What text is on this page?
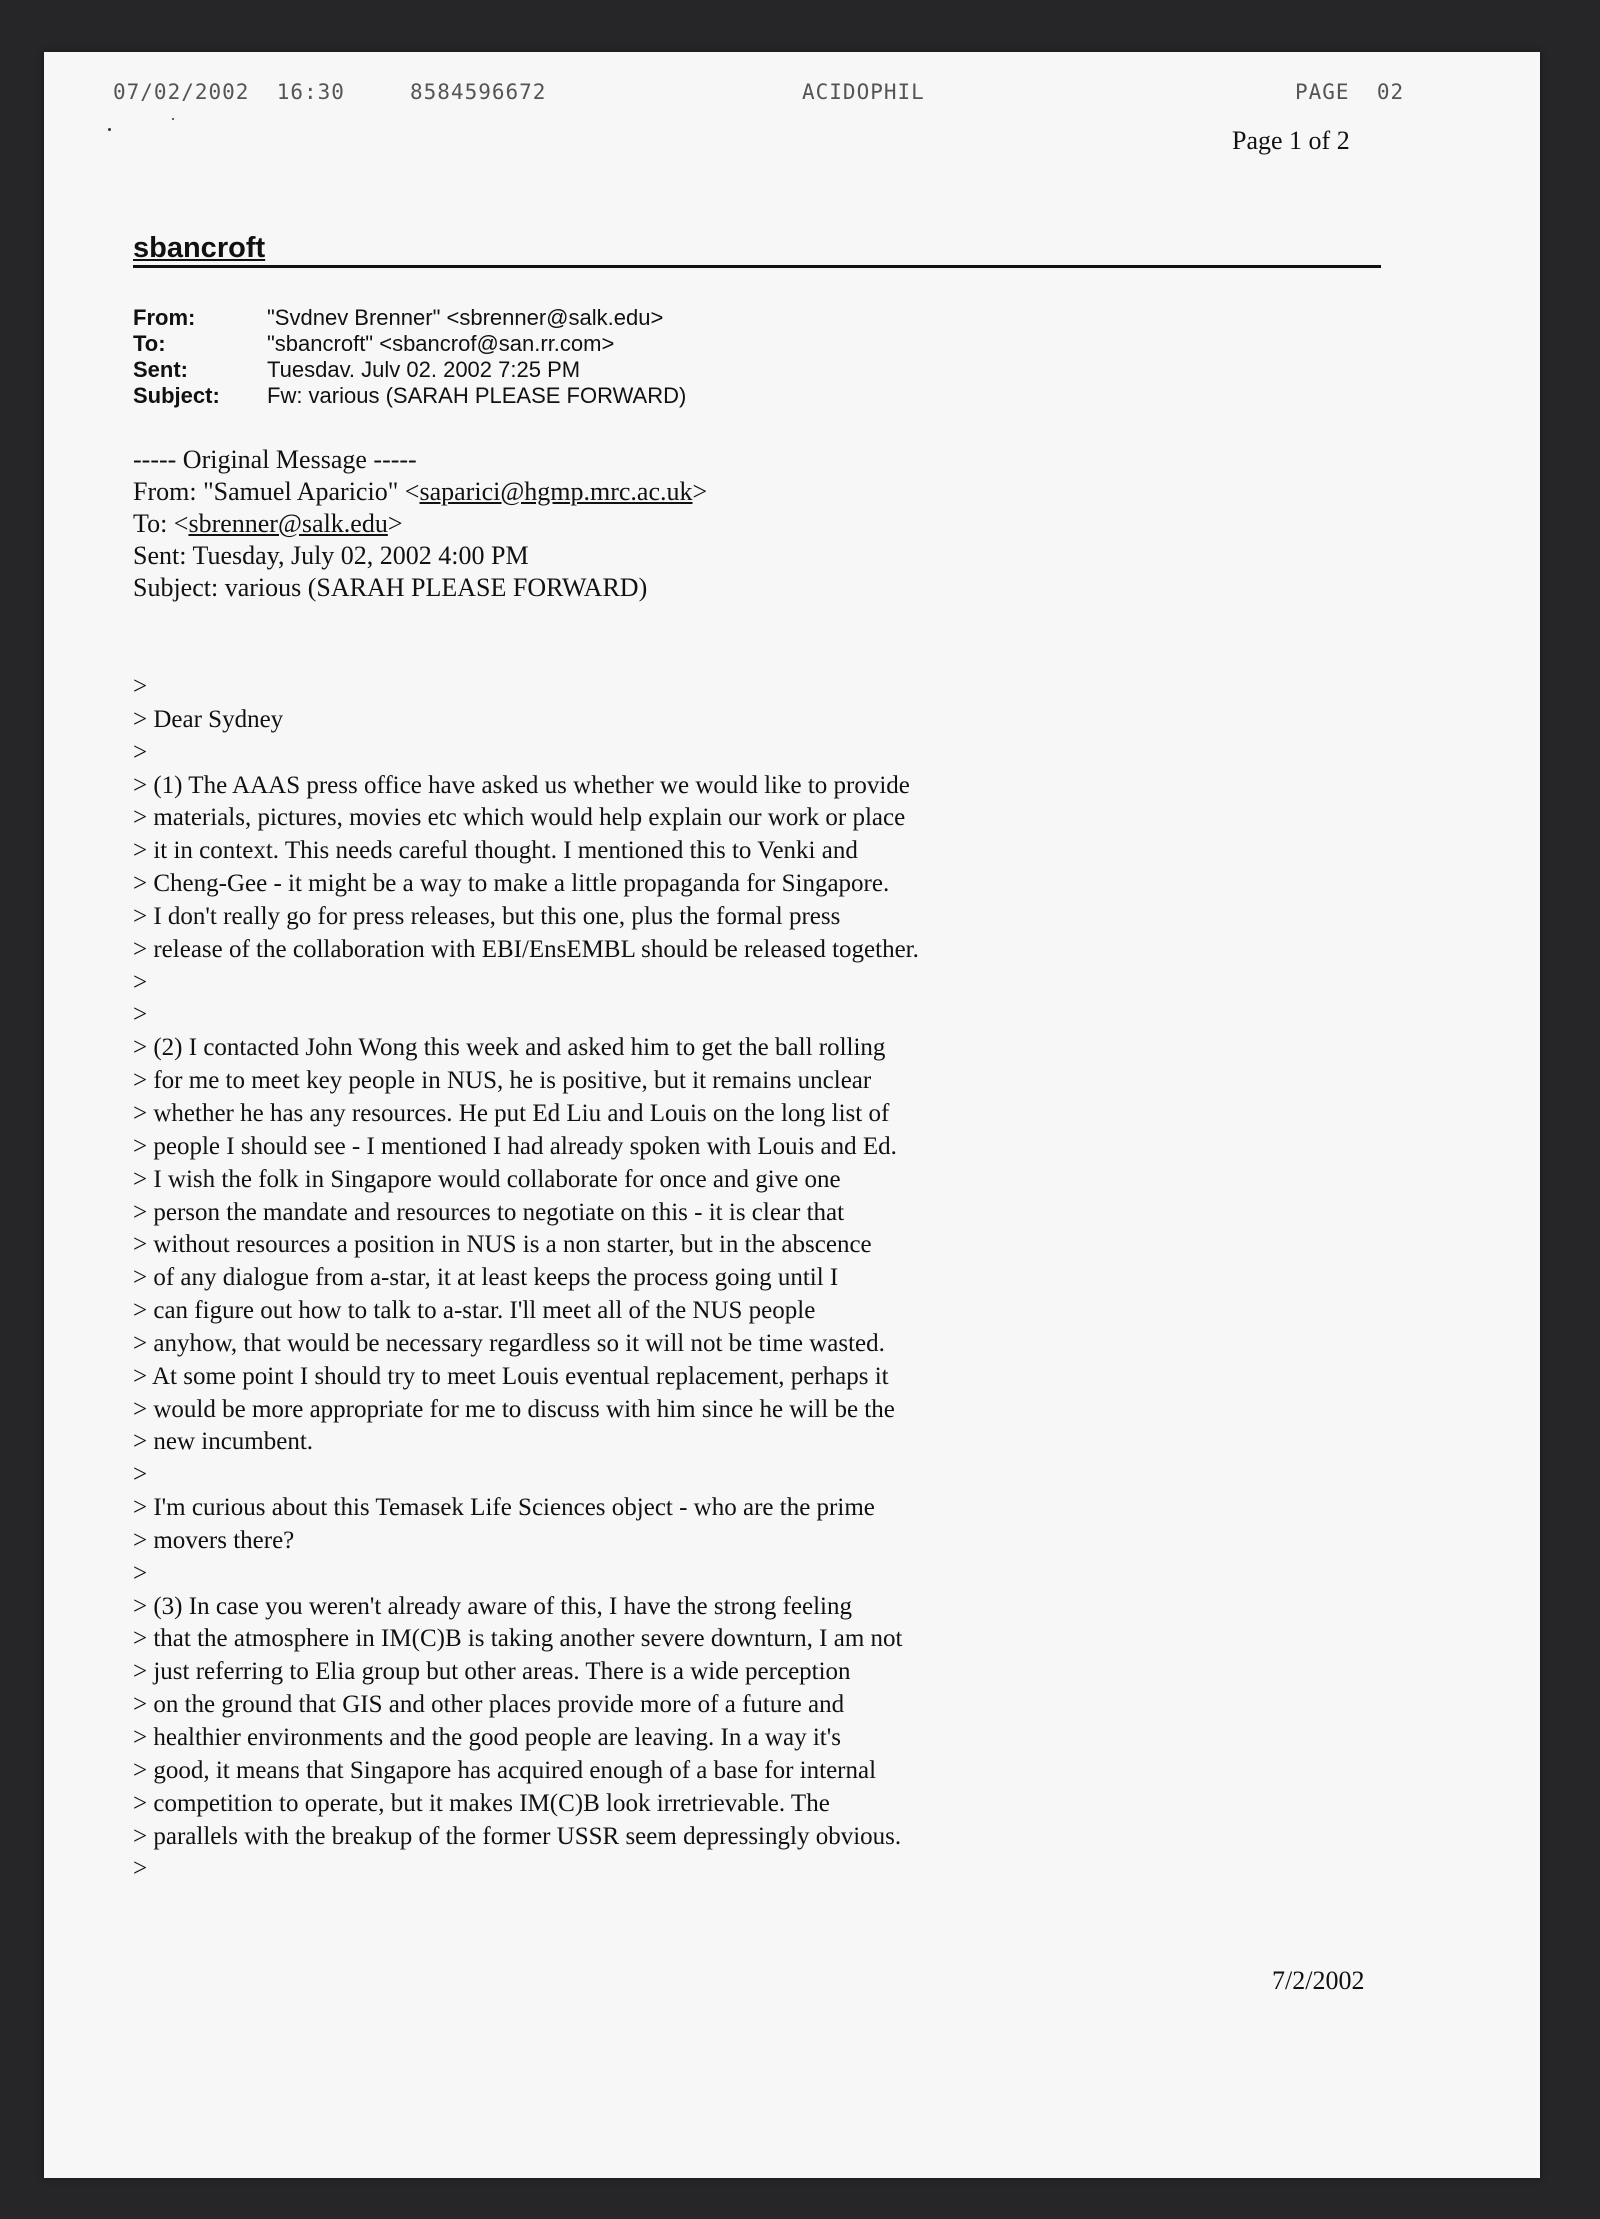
07/02/2002  16:30	8584596672	ACIDOPHIL	PAGE  02
Page 1 of 2
sbancroft
From:	"Svdnev Brenner" <sbrenner@salk.edu>
To:	"sbancroft" <sbancrof@san.rr.com>
Sent:	Tuesdav. Julv 02. 2002 7:25 PM
Subject: Fw: various (SARAH PLEASE FORWARD)
----- Original Message -----
From: "Samuel Aparicio" <saparici@hgmp.mrc.ac.uk>
To: <sbrenner@salk.edu>
Sent: Tuesday, July 02, 2002 4:00 PM
Subject: various (SARAH PLEASE FORWARD)
>
> Dear Sydney
>
> (1) The AAAS press office have asked us whether we would like to provide
> materials, pictures, movies etc which would help explain our work or place
> it in context. This needs careful thought. I mentioned this to Venki and
> Cheng-Gee - it might be a way to make a little propaganda for Singapore.
> I don't really go for press releases, but this one, plus the formal press
> release of the collaboration with EBI/EnsEMBL should be released together.
>
>
> (2) I contacted John Wong this week and asked him to get the ball rolling
> for me to meet key people in NUS, he is positive, but it remains unclear
> whether he has any resources. He put Ed Liu and Louis on the long list of
> people I should see - I mentioned I had already spoken with Louis and Ed.
> I wish the folk in Singapore would collaborate for once and give one
> person the mandate and resources to negotiate on this - it is clear that
> without resources a position in NUS is a non starter, but in the abscence
> of any dialogue from a-star, it at least keeps the process going until I
> can figure out how to talk to a-star. I'll meet all of the NUS people
> anyhow, that would be necessary regardless so it will not be time wasted.
> At some point I should try to meet Louis eventual replacement, perhaps it
> would be more appropriate for me to discuss with him since he will be the
> new incumbent.
>
> I'm curious about this Temasek Life Sciences object - who are the prime
> movers there?
>
> (3) In case you weren't already aware of this, I have the strong feeling
> that the atmosphere in IM(C)B is taking another severe downturn, I am not
> just referring to Elia group but other areas. There is a wide perception
> on the ground that GIS and other places provide more of a future and
> healthier environments and the good people are leaving. In a way it's
> good, it means that Singapore has acquired enough of a base for internal
> competition to operate, but it makes IM(C)B look irretrievable. The
> parallels with the breakup of the former USSR seem depressingly obvious.
>
7/2/2002
